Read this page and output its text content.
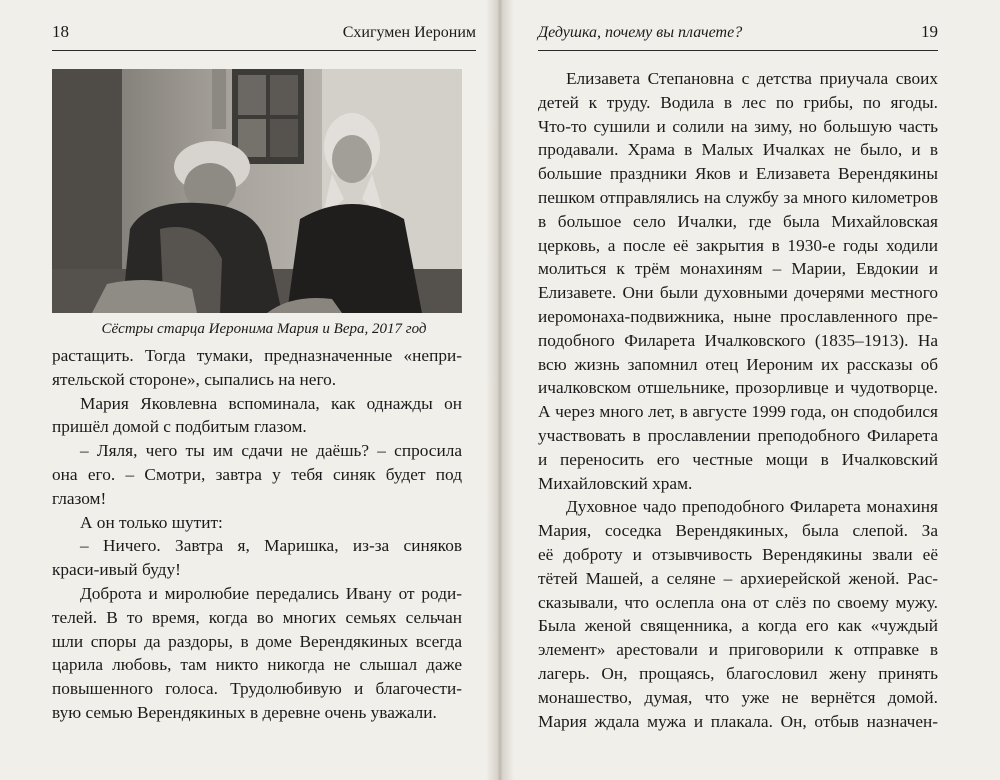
18	Схигумен Иероним
Сёстры старца Иеронима Мария и Вера, 2017 год
растащить. Тогда тумаки, предназначенные «непри-
ятельской стороне», сыпались на него.
Мария Яковлевна вспоминала, как однажды он
пришёл домой с подбитым глазом.
– Ляля, чего ты им сдачи не даёшь? – спросила
она его. – Смотри, завтра у тебя синяк будет под
глазом!
А он только шутит:
– Ничего. Завтра я, Маришка, из-за синяков
краси-ивый буду!
Доброта и миролюбие передались Ивану от роди-
телей. В то время, когда во многих семьях сельчан
шли споры да раздоры, в доме Верендякиных всегда
царила любовь, там никто никогда не слышал даже
повышенного голоса. Трудолюбивую и благочести-
вую семью Верендякиных в деревне очень уважали.
Дедушка, почему вы плачете?	19
Елизавета Степановна с детства приучала своих
детей к труду. Водила в лес по грибы, по ягоды.
Что-то сушили и солили на зиму, но большую часть
продавали. Храма в Малых Ичалках не было, и в
большие праздники Яков и Елизавета Верендякины
пешком отправлялись на службу за много километров
в большое село Ичалки, где была Михайловская
церковь, а после её закрытия в 1930-е годы ходили
молиться к трём монахиням – Марии, Евдокии и
Елизавете. Они были духовными дочерями местного
иеромонаха-подвижника, ныне прославленного пре-
подобного Филарета Ичалковского (1835–1913). На
всю жизнь запомнил отец Иероним их рассказы об
ичалковском отшельнике, прозорливце и чудотворце.
А через много лет, в августе 1999 года, он сподобился
участвовать в прославлении преподобного Филарета
и переносить его честные мощи в Ичалковский
Михайловский храм.
Духовное чадо преподобного Филарета монахиня
Мария, соседка Верендякиных, была слепой. За
её доброту и отзывчивость Верендякины звали её
тётей Машей, а селяне – архиерейской женой. Рас-
сказывали, что ослепла она от слёз по своему мужу.
Была женой священника, а когда его как «чуждый
элемент» арестовали и приговорили к отправке в
лагерь. Он, прощаясь, благословил жену принять
монашество, думая, что уже не вернётся домой.
Мария ждала мужа и плакала. Он, отбыв назначен-
